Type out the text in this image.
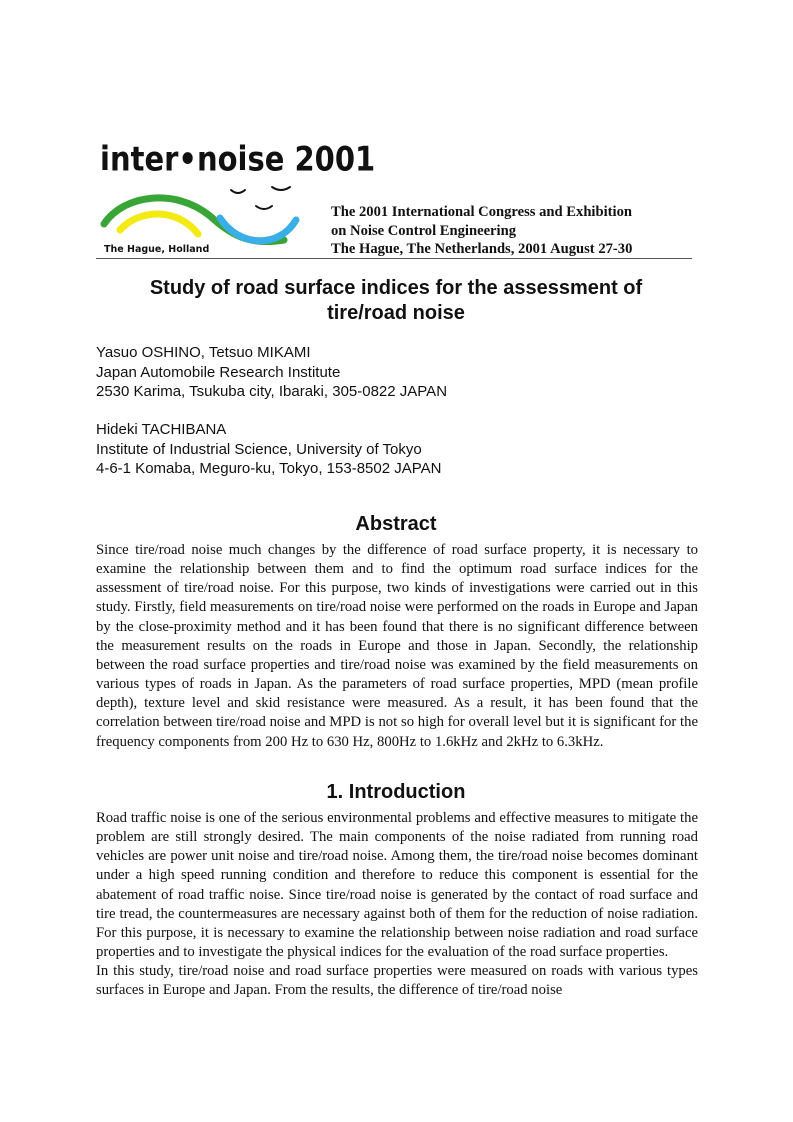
inter•noise 2001
The Hague, Holland
The 2001 International Congress and Exhibition
on Noise Control Engineering
The Hague, The Netherlands, 2001 August 27-30
Study of road surface indices for the assessment of
tire/road noise
Yasuo OSHINO, Tetsuo MIKAMI
Japan Automobile Research Institute
2530 Karima, Tsukuba city, Ibaraki, 305-0822 JAPAN
Hideki TACHIBANA
Institute of Industrial Science, University of Tokyo
4-6-1 Komaba, Meguro-ku, Tokyo, 153-8502 JAPAN
Abstract

Since tire/road noise much changes by the difference of road surface property, it is necessary to examine the relationship between them and to find the optimum road surface indices for the assessment of tire/road noise. For this purpose, two kinds of investigations were carried out in this study. Firstly, field measurements on tire/road noise were performed on the roads in Europe and Japan by the close-proximity method and it has been found that there is no significant difference between the measurement results on the roads in Europe and those in Japan. Secondly, the relationship between the road surface properties and tire/road noise was examined by the field measurements on various types of roads in Japan. As the parameters of road surface properties, MPD (mean profile depth), texture level and skid resistance were measured. As a result, it has been found that the correlation between tire/road noise and MPD is not so high for overall level but it is significant for the frequency components from 200 Hz to 630 Hz, 800Hz to 1.6kHz and 2kHz to 6.3kHz.

1. Introduction

Road traffic noise is one of the serious environmental problems and effective measures to mitigate the problem are still strongly desired. The main components of the noise radiated from running road vehicles are power unit noise and tire/road noise. Among them, the tire/road noise becomes dominant under a high speed running condition and therefore to reduce this component is essential for the abatement of road traffic noise. Since tire/road noise is generated by the contact of road surface and tire tread, the countermeasures are necessary against both of them for the reduction of noise radiation. For this purpose, it is necessary to examine the relationship between noise radiation and road surface properties and to investigate the physical indices for the evaluation of the road surface properties.

In this study, tire/road noise and road surface properties were measured on roads with various types surfaces in Europe and Japan. From the results, the difference of tire/road noise
